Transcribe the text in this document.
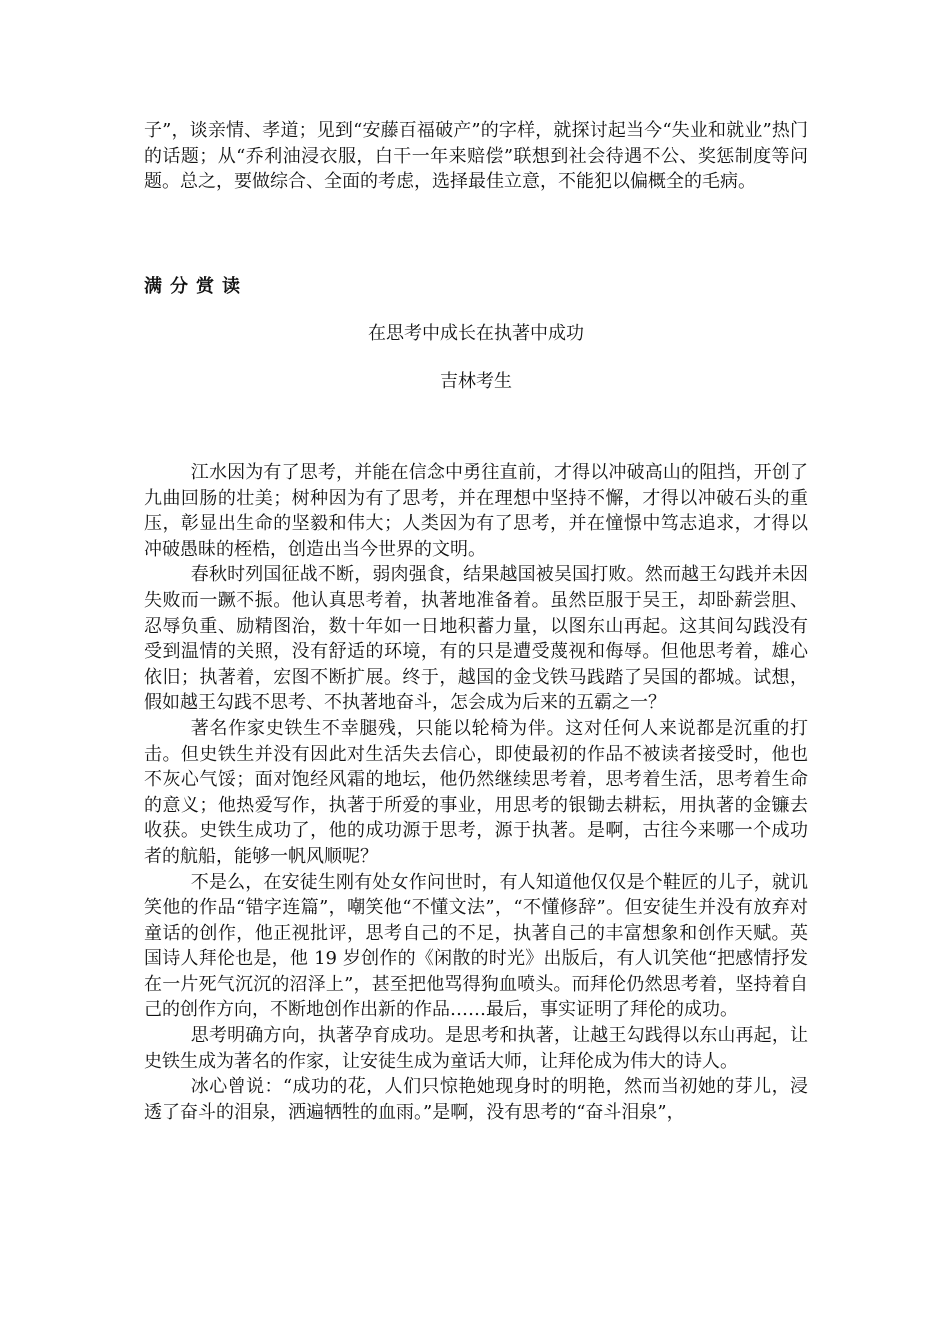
子”，谈亲情、孝道；见到“安藤百福破产”的字样，就探讨起当今“失业和就业”热门的话题；从“乔利油浸衣服，白干一年来赔偿”联想到社会待遇不公、奖惩制度等问题。总之，要做综合、全面的考虑，选择最佳立意，不能犯以偏概全的毛病。

满分赏读
在思考中成长在执著中成功

吉林考生

江水因为有了思考，并能在信念中勇往直前，才得以冲破高山的阻挡，开创了九曲回肠的壮美；树种因为有了思考，并在理想中坚持不懈，才得以冲破石头的重压，彰显出生命的坚毅和伟大；人类因为有了思考，并在憧憬中笃志追求，才得以冲破愚昧的桎梏，创造出当今世界的文明。

春秋时列国征战不断，弱肉强食，结果越国被吴国打败。然而越王勾践并未因失败而一蹶不振。他认真思考着，执著地准备着。虽然臣服于吴王，却卧薪尝胆、忍辱负重、励精图治，数十年如一日地积蓄力量，以图东山再起。这其间勾践没有受到温情的关照，没有舒适的环境，有的只是遭受蔑视和侮辱。但他思考着，雄心依旧；执著着，宏图不断扩展。终于，越国的金戈铁马践踏了吴国的都城。试想，假如越王勾践不思考、不执著地奋斗，怎会成为后来的五霸之一？

著名作家史铁生不幸腿残，只能以轮椅为伴。这对任何人来说都是沉重的打击。但史铁生并没有因此对生活失去信心，即使最初的作品不被读者接受时，他也不灰心气馁；面对饱经风霜的地坛，他仍然继续思考着，思考着生活，思考着生命的意义；他热爱写作，执著于所爱的事业，用思考的银锄去耕耘，用执著的金镰去收获。史铁生成功了，他的成功源于思考，源于执著。是啊，古往今来哪一个成功者的航船，能够一帆风顺呢？

不是么，在安徒生刚有处女作问世时，有人知道他仅仅是个鞋匠的儿子，就讥笑他的作品“错字连篇”，嘲笑他“不懂文法”，“不懂修辞”。但安徒生并没有放弃对童话的创作，他正视批评，思考自己的不足，执著自己的丰富想象和创作天赋。英国诗人拜伦也是，他 19 岁创作的《闲散的时光》出版后，有人讥笑他“把感情抒发在一片死气沉沉的沼泽上”，甚至把他骂得狗血喷头。而拜伦仍然思考着，坚持着自己的创作方向，不断地创作出新的作品……最后，事实证明了拜伦的成功。

思考明确方向，执著孕育成功。是思考和执著，让越王勾践得以东山再起，让史铁生成为著名的作家，让安徒生成为童话大师，让拜伦成为伟大的诗人。

冰心曾说：“成功的花，人们只惊艳她现身时的明艳，然而当初她的芽儿，浸透了奋斗的泪泉，洒遍牺牲的血雨。”是啊，没有思考的“奋斗泪泉”，
